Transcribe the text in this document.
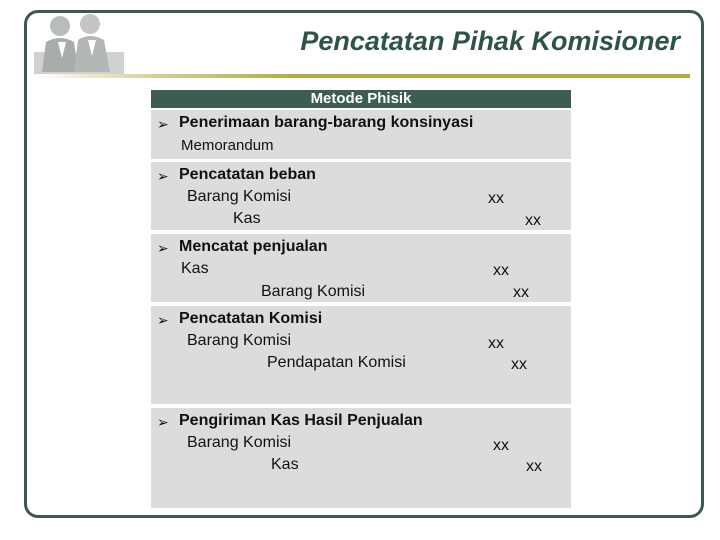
Pencatatan Pihak Komisioner
Metode Phisik
➢ Penerimaan barang-barang konsinyasi
Memorandum
➢ Pencatatan beban
Barang Komisi	xx
Kas	xx
➢ Mencatat penjualan
Kas	xx
Barang Komisi	xx
➢ Pencatatan Komisi
Barang Komisi	xx
Pendapatan Komisi	xx
➢ Pengiriman Kas Hasil Penjualan
Barang Komisi	xx
Kas	xx
